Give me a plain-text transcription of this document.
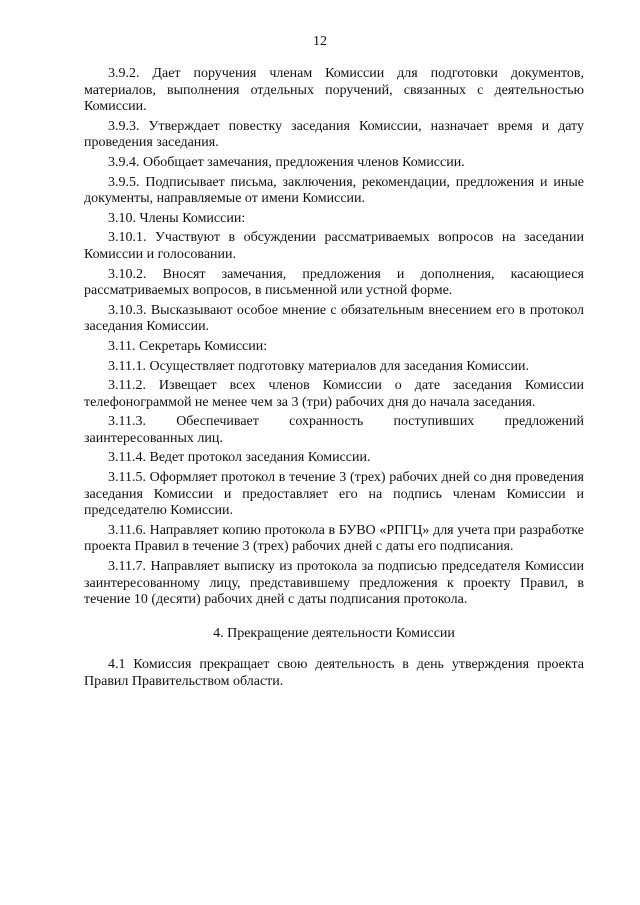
12

3.9.2. Дает поручения членам Комиссии для подготовки документов, материалов, выполнения отдельных поручений, связанных с деятельностью Комиссии.

3.9.3. Утверждает повестку заседания Комиссии, назначает время и дату проведения заседания.

3.9.4. Обобщает замечания, предложения членов Комиссии.

3.9.5. Подписывает письма, заключения, рекомендации, предложения и иные документы, направляемые от имени Комиссии.

3.10. Члены Комиссии:

3.10.1. Участвуют в обсуждении рассматриваемых вопросов на заседании Комиссии и голосовании.

3.10.2. Вносят замечания, предложения и дополнения, касающиеся рассматриваемых вопросов, в письменной или устной форме.

3.10.3. Высказывают особое мнение с обязательным внесением его в протокол заседания Комиссии.

3.11. Секретарь Комиссии:

3.11.1. Осуществляет подготовку материалов для заседания Комиссии.

3.11.2. Извещает всех членов Комиссии о дате заседания Комиссии телефонограммой не менее чем за 3 (три) рабочих дня до начала заседания.

3.11.3. Обеспечивает сохранность поступивших предложений заинтересованных лиц.

3.11.4. Ведет протокол заседания Комиссии.

3.11.5. Оформляет протокол в течение 3 (трех) рабочих дней со дня проведения заседания Комиссии и предоставляет его на подпись членам Комиссии и председателю Комиссии.

3.11.6. Направляет копию протокола в БУВО «РПГЦ» для учета при разработке проекта Правил в течение 3 (трех) рабочих дней с даты его подписания.

3.11.7. Направляет выписку из протокола за подписью председателя Комиссии заинтересованному лицу, представившему предложения к проекту Правил, в течение 10 (десяти) рабочих дней с даты подписания протокола.

4. Прекращение деятельности Комиссии

4.1 Комиссия прекращает свою деятельность в день утверждения проекта Правил Правительством области.
